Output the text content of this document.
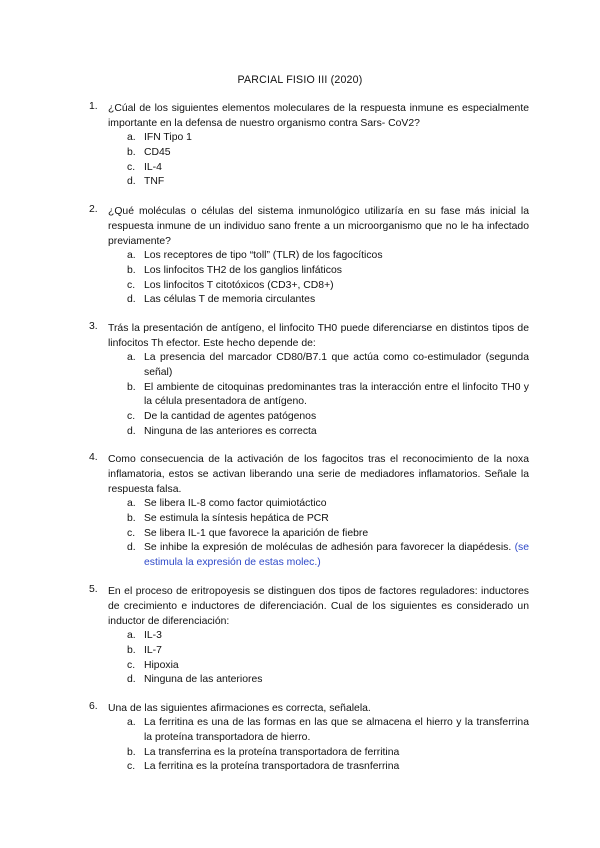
PARCIAL FISIO III (2020)
1. ¿Cúal de los siguientes elementos moleculares de la respuesta inmune es especialmente importante en la defensa de nuestro organismo contra Sars- CoV2?
a. IFN Tipo 1
b. CD45
c. IL-4
d. TNF
2. ¿Qué moléculas o células del sistema inmunológico utilizaría en su fase más inicial la respuesta inmune de un individuo sano frente a un microorganismo que no le ha infectado previamente?
a. Los receptores de tipo “toll” (TLR) de los fagocíticos
b. Los linfocitos TH2 de los ganglios linfáticos
c. Los linfocitos T citotóxicos (CD3+, CD8+)
d. Las células T de memoria circulantes
3. Trás la presentación de antígeno, el linfocito TH0 puede diferenciarse en distintos tipos de linfocitos Th efector. Este hecho depende de:
a. La presencia del marcador CD80/B7.1 que actúa como co-estimulador (segunda señal)
b. El ambiente de citoquinas predominantes tras la interacción entre el linfocito TH0 y la célula presentadora de antígeno.
c. De la cantidad de agentes patógenos
d. Ninguna de las anteriores es correcta
4. Como consecuencia de la activación de los fagocitos tras el reconocimiento de la noxa inflamatoria, estos se activan liberando una serie de mediadores inflamatorios. Señale la respuesta falsa.
a. Se libera IL-8 como factor quimiotáctico
b. Se estimula la síntesis hepática de PCR
c. Se libera IL-1 que favorece la aparición de fiebre
d. Se inhibe la expresión de moléculas de adhesión para favorecer la diapédesis. (se estimula la expresión de estas molec.)
5. En el proceso de eritropoyesis se distinguen dos tipos de factores reguladores: inductores de crecimiento e inductores de diferenciación. Cual de los siguientes es considerado un inductor de diferenciación:
a. IL-3
b. IL-7
c. Hipoxia
d. Ninguna de las anteriores
6. Una de las siguientes afirmaciones es correcta, señalela.
a. La ferritina es una de las formas en las que se almacena el hierro y la transferrina la proteína transportadora de hierro.
b. La transferrina es la proteína transportadora de ferritina
c. La ferritina es la proteína transportadora de trasnferrina
